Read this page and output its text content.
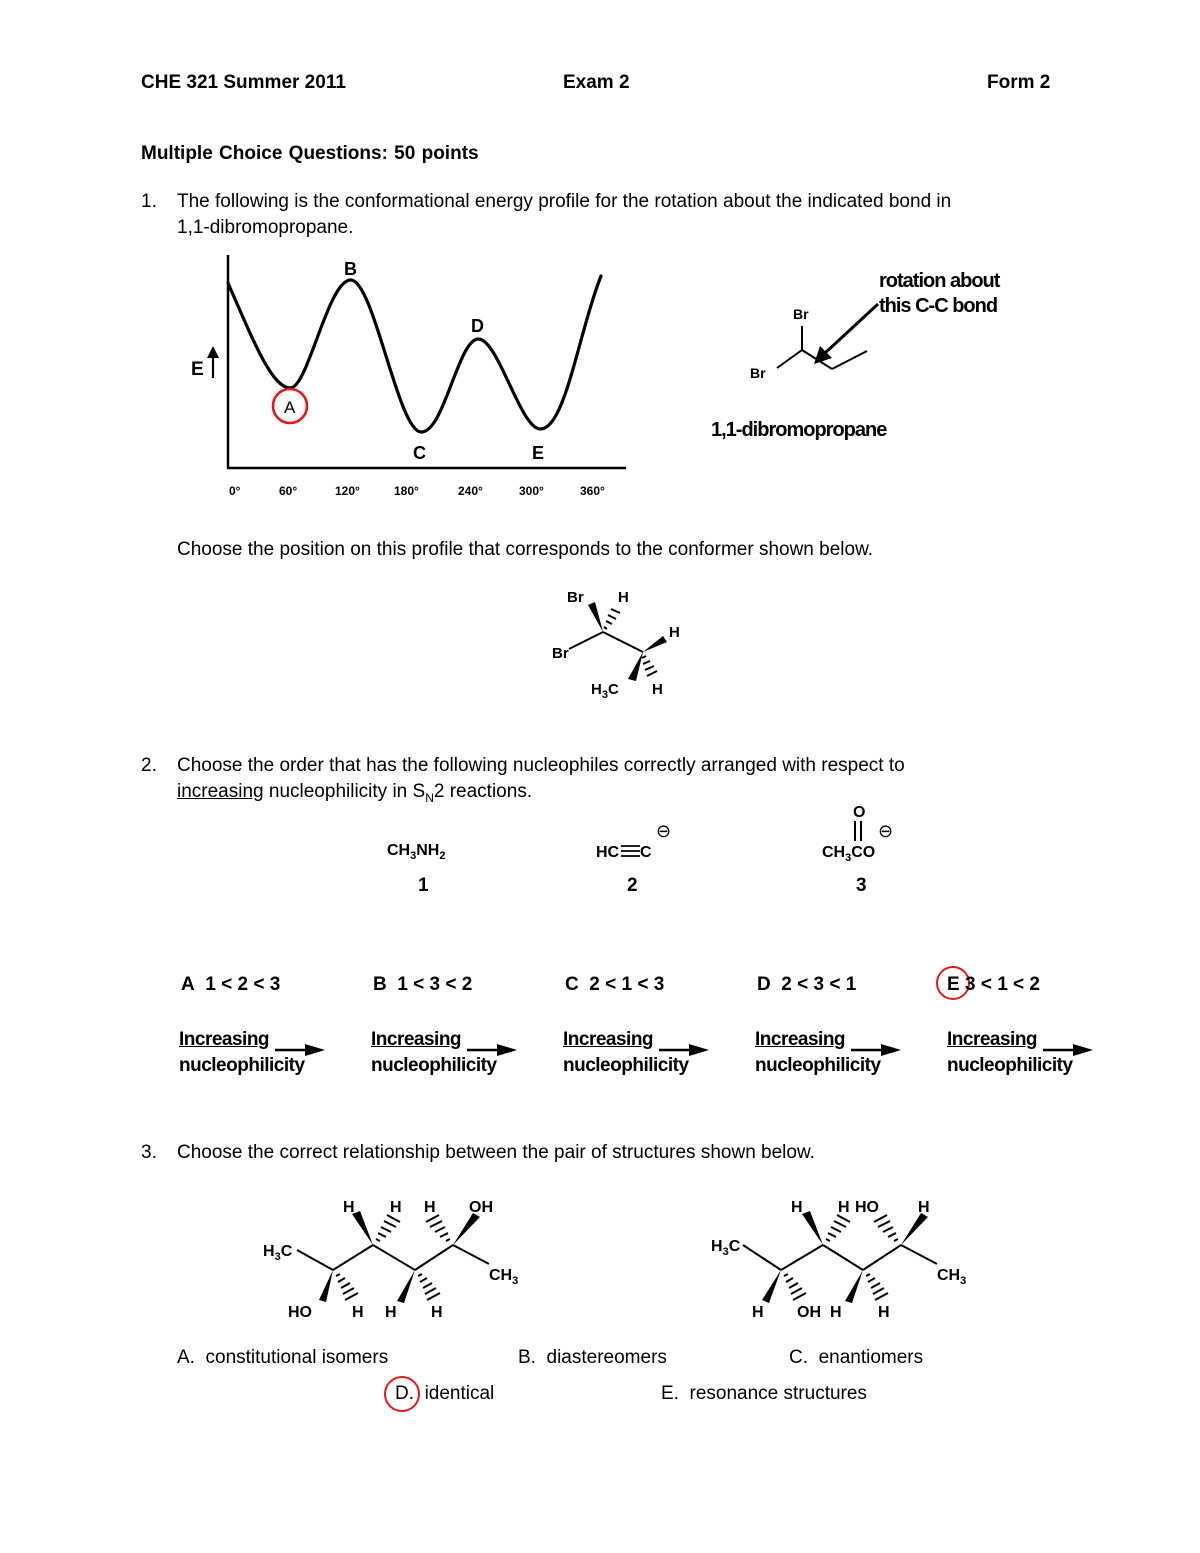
CHE 321 Summer 2011	Exam 2	Form 2
Multiple Choice Questions: 50 points
1. The following is the conformational energy profile for the rotation about the indicated bond in
1,1-dibromopropane.
E
B
D
A
C	E
0°	60°	120°	180°	240°	300°	360°
Br
Br
rotation about
this C-C bond
1,1-dibromopropane
Choose the position on this profile that corresponds to the conformer shown below.
Br H
H
Br
$H_3C$ H
2. Choose the order that has the following nucleophiles correctly arranged with respect to
increasing nucleophilicity in $S_N2$ reactions.
$CH_3NH_2$
1
HC C
⊖
2
O
$CH_3CO$
⊖
3
A 1 < 2 < 3	B 1 < 3 < 2	C 2 < 1 < 3	D 2 < 3 < 1	E 3 < 1 < 2
Increasing
nucleophilicity
Increasing
nucleophilicity
Increasing
nucleophilicity
Increasing
nucleophilicity
Increasing
nucleophilicity
3. Choose the correct relationship between the pair of structures shown below.
H H H OH
$H_3C$
$CH_3$
HO	H H H
H H HO H
$H_3C$
$CH_3$
H OH H H
A. constitutional isomers	B. diastereomers	C. enantiomers
D. identical	E. resonance structures
